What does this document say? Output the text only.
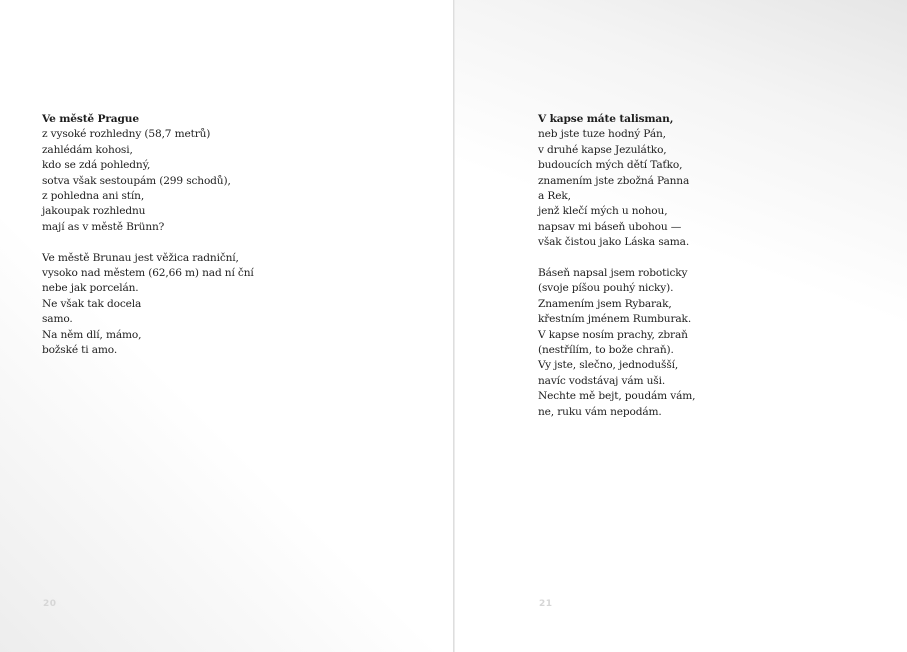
Ve městě Prague
z vysoké rozhledny (58,7 metrů)
zahlédám kohosi,
kdo se zdá pohledný,
sotva však sestoupám (299 schodů),
z pohledna ani stín,
jakoupak rozhlednu
mají as v městě Brünn?
Ve městě Brunau jest věžica radniční,
vysoko nad městem (62,66 m) nad ní ční
nebe jak porcelán.
Ne však tak docela
samo.
Na něm dlí, mámo,
božské ti amo.
20
V kapse máte talisman,
neb jste tuze hodný Pán,
v druhé kapse Jezulátko,
budoucích mých dětí Taťko,
znamením jste zbožná Panna
a Rek,
jenž klečí mých u nohou,
napsav mi báseň ubohou —
však čistou jako Láska sama.
Báseň napsal jsem roboticky
(svoje píšou pouhý nicky).
Znamením jsem Rybarak,
křestním jménem Rumburak.
V kapse nosím prachy, zbraň
(nestřílím, to bože chraň).
Vy jste, slečno, jednodušší,
navíc vodstávaj vám uši.
Nechte mě bejt, poudám vám,
ne, ruku vám nepodám.
21
